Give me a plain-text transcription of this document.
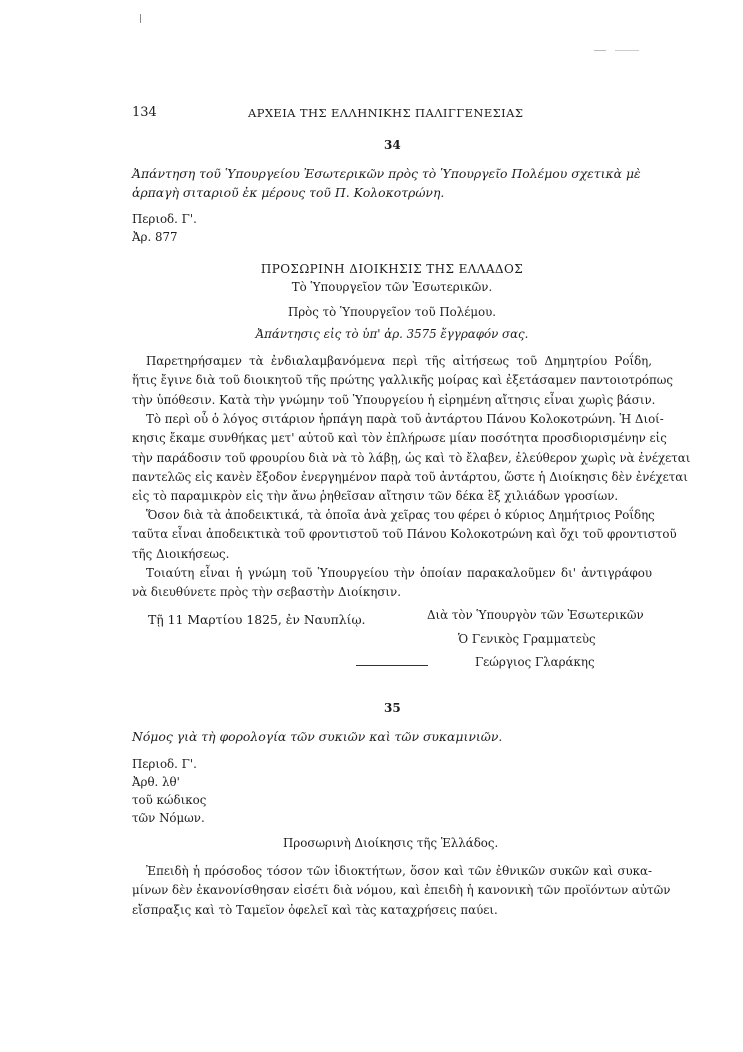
134	ΑΡΧΕΙΑ ΤΗΣ ΕΛΛΗΝΙΚΗΣ ΠΑΛΙΓΓΕΝΕΣΙΑΣ
34
Ἀπάντηση τοῦ Ὑπουργείου Ἐσωτερικῶν πρὸς τὸ Ὑπουργεῖο Πολέμου σχετικὰ μὲ
ἁρπαγὴ σιταριοῦ ἐκ μέρους τοῦ Π. Κολοκοτρώνη.
Περιοδ. Γ'.
Ἀρ. 877
ΠΡΟΣΩΡΙΝΗ ΔΙΟΙΚΗΣΙΣ ΤΗΣ ΕΛΛΑΔΟΣ
Τὸ Ὑπουργεῖον τῶν Ἐσωτερικῶν.
Πρὸς τὸ Ὑπουργεῖον τοῦ Πολέμου.
Ἀπάντησις εἰς τὸ ὑπ' ἀρ. 3575 ἔγγραφόν σας.
Παρετηρήσαμεν τὰ ἐνδιαλαμβανόμενα περὶ τῆς αἰτήσεως τοῦ Δημητρίου Ροΐδη,
ἥτις ἔγινε διὰ τοῦ διοικητοῦ τῆς πρώτης γαλλικῆς μοίρας καὶ ἐξετάσαμεν παντοιοτρόπως
τὴν ὑπόθεσιν. Κατὰ τὴν γνώμην τοῦ Ὑπουργείου ἡ εἰρημένη αἴτησις εἶναι χωρὶς βάσιν.
Τὸ περὶ οὗ ὁ λόγος σιτάριον ἡρπάγη παρὰ τοῦ ἀντάρτου Πάνου Κολοκοτρώνη. Ἡ Διοί-
κησις ἔκαμε συνθήκας μετ' αὐτοῦ καὶ τὸν ἐπλήρωσε μίαν ποσότητα προσδιορισμένην εἰς
τὴν παράδοσιν τοῦ φρουρίου διὰ νὰ τὸ λάβῃ, ὡς καὶ τὸ ἔλαβεν, ἐλεύθερον χωρὶς νὰ ἐνέχεται
παντελῶς εἰς κανὲν ἔξοδον ἐνεργημένον παρὰ τοῦ ἀντάρτου, ὥστε ἡ Διοίκησις δὲν ἐνέχεται
εἰς τὸ παραμικρὸν εἰς τὴν ἄνω ῥηθεῖσαν αἴτησιν τῶν δέκα ἓξ χιλιάδων γροσίων.
Ὅσον διὰ τὰ ἀποδεικτικά, τὰ ὁποῖα ἀνὰ χεῖρας του φέρει ὁ κύριος Δημήτριος Ροΐδης
ταῦτα εἶναι ἀποδεικτικὰ τοῦ φροντιστοῦ τοῦ Πάνου Κολοκοτρώνη καὶ ὄχι τοῦ φροντιστοῦ
τῆς Διοικήσεως.
Τοιαύτη εἶναι ἡ γνώμη τοῦ Ὑπουργείου τὴν ὁποίαν παρακαλοῦμεν δι' ἀντιγράφου
νὰ διευθύνετε πρὸς τὴν σεβαστὴν Διοίκησιν.
Τῇ 11 Μαρτίου 1825, ἐν Ναυπλίῳ.	Διὰ τὸν Ὑπουργὸν τῶν Ἐσωτερικῶν
Ὁ Γενικὸς Γραμματεὺς
Γεώργιος Γλαράκης
35
Νόμος γιὰ τὴ φορολογία τῶν συκιῶν καὶ τῶν συκαμινιῶν.
Περιοδ. Γ'.
Ἀρθ. λθ'
τοῦ κώδικος
τῶν Νόμων.
Προσωρινὴ Διοίκησις τῆς Ἑλλάδος.
Ἐπειδὴ ἡ πρόσοδος τόσον τῶν ἰδιοκτήτων, ὅσον καὶ τῶν ἐθνικῶν συκῶν καὶ συκα-
μίνων δὲν ἐκανονίσθησαν εἰσέτι διὰ νόμου, καὶ ἐπειδὴ ἡ κανονικὴ τῶν προϊόντων αὐτῶν
εἴσπραξις καὶ τὸ Ταμεῖον ὀφελεῖ καὶ τὰς καταχρήσεις παύει.
